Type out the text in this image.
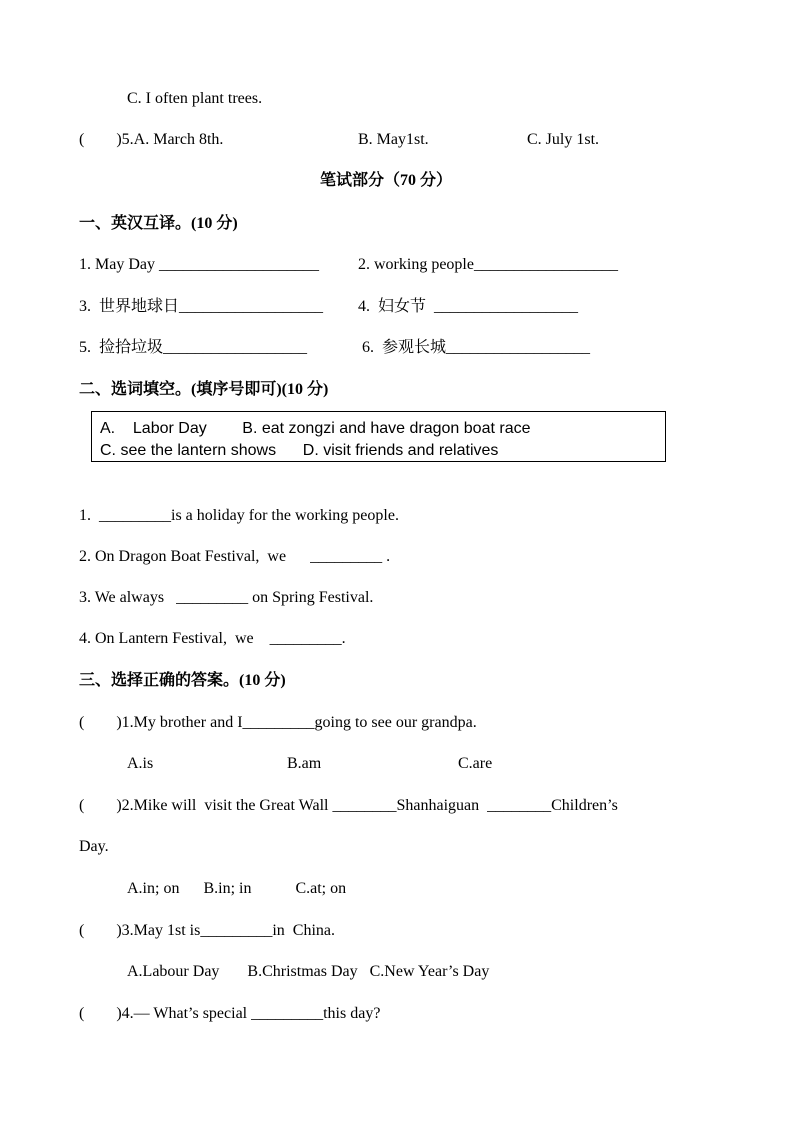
C. I often plant trees.
(        )5.A. March 8th.	B. May1st.	C. July 1st.
笔试部分（70 分）
一、英汉互译。(10 分)
1. May Day ____________________ 2. working people__________________
3.  世界地球日__________________ 4.  妇女节  __________________
5.  捡拾垃圾__________________	6.  参观长城__________________
二、选词填空。(填序号即可)(10 分)
A.    Labor Day        B. eat zongzi and have dragon boat race
C. see the lantern shows      D. visit friends and relatives
1.  _________is a holiday for the working people.
2. On Dragon Boat Festival,  we      _________ .
3. We always   _________ on Spring Festival.
4. On Lantern Festival,  we    _________.
三、选择正确的答案。(10 分)
(        )1.My brother and I_________going to see our grandpa.
A.is	B.am	C.are
(        )2.Mike will  visit the Great Wall ________Shanhaiguan  ________Children’s
Day.
A.in; on      B.in; in           C.at; on
(        )3.May 1st is_________in  China.
A.Labour Day       B.Christmas Day   C.New Year’s Day
(        )4.— What’s special _________this day?
